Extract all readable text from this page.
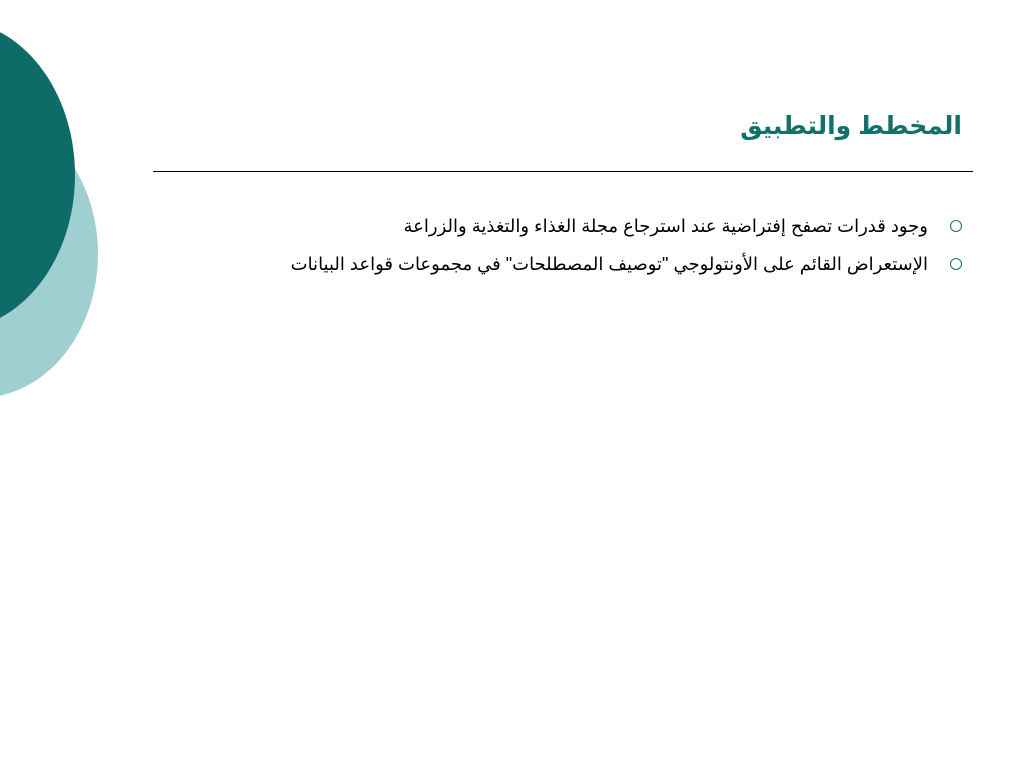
المخطط والتطبيق
وجود قدرات تصفح إفتراضية عند استرجاع مجلة الغذاء والتغذية والزراعة
الإستعراض القائم على الأونتولوجي "توصيف المصطلحات" في مجموعات قواعد البيانات
